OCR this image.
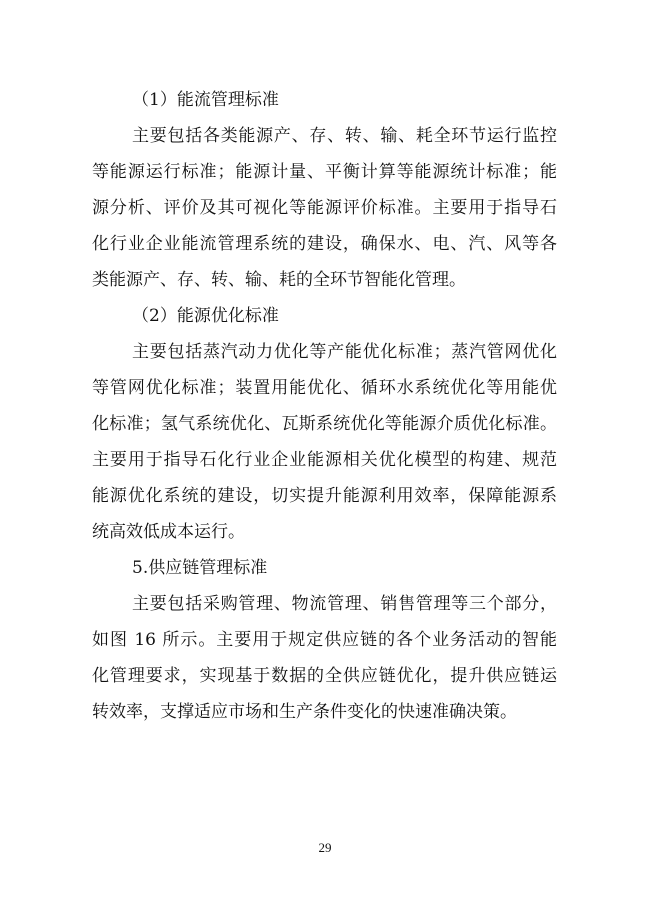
（1）能流管理标准

主要包括各类能源产、存、转、输、耗全环节运行监控
等能源运行标准；能源计量、平衡计算等能源统计标准；能
源分析、评价及其可视化等能源评价标准。主要用于指导石
化行业企业能流管理系统的建设，确保水、电、汽、风等各
类能源产、存、转、输、耗的全环节智能化管理。

（2）能源优化标准

主要包括蒸汽动力优化等产能优化标准；蒸汽管网优化
等管网优化标准；装置用能优化、循环水系统优化等用能优
化标准；氢气系统优化、瓦斯系统优化等能源介质优化标准。
主要用于指导石化行业企业能源相关优化模型的构建、规范
能源优化系统的建设，切实提升能源利用效率，保障能源系
统高效低成本运行。

5.供应链管理标准

主要包括采购管理、物流管理、销售管理等三个部分，
如图 16 所示。主要用于规定供应链的各个业务活动的智能
化管理要求，实现基于数据的全供应链优化，提升供应链运
转效率，支撑适应市场和生产条件变化的快速准确决策。
29
